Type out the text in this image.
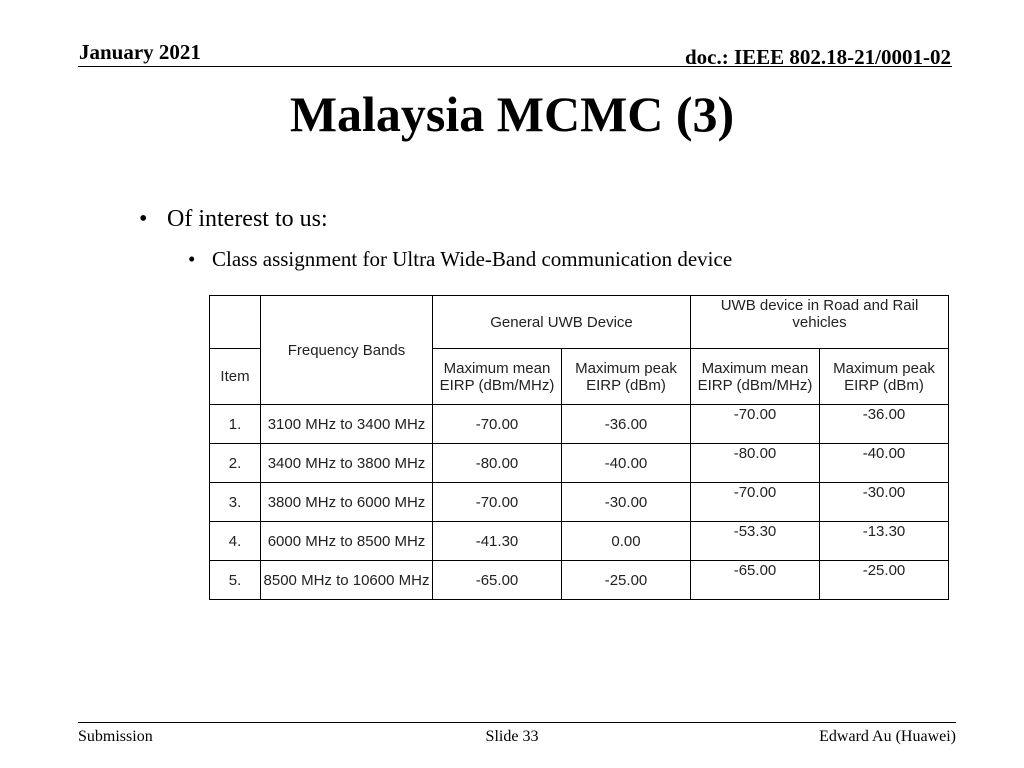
January 2021	doc.: IEEE 802.18-21/0001-02
Malaysia MCMC (3)
• Of interest to us:
• Class assignment for Ultra Wide-Band communication device
	Frequency Bands	General UWB Device		UWB device in Road and Rail vehicles	
Item		Maximum mean EIRP (dBm/MHz)	Maximum peak EIRP (dBm)	Maximum mean EIRP (dBm/MHz)	Maximum peak EIRP (dBm)
1.	3100 MHz to 3400 MHz	-70.00	-36.00	-70.00	-36.00
2.	3400 MHz to 3800 MHz	-80.00	-40.00	-80.00	-40.00
3.	3800 MHz to 6000 MHz	-70.00	-30.00	-70.00	-30.00
4.	6000 MHz to 8500 MHz	-41.30	0.00	-53.30	-13.30
5.	8500 MHz to 10600 MHz	-65.00	-25.00	-65.00	-25.00
Submission	Slide 33	Edward Au (Huawei)
